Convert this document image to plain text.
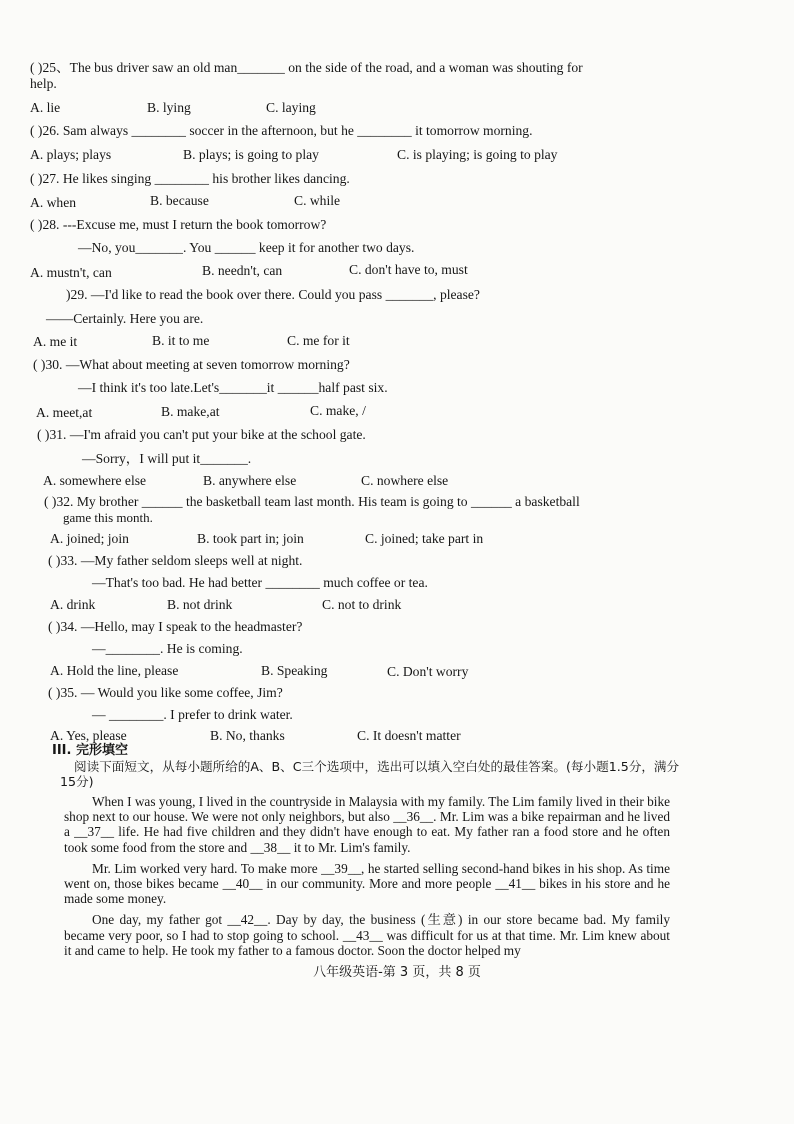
( )25、The bus driver saw an old man_______ on the side of the road, and a woman was shouting for
help.
A. lie	B. lying	C. laying
( )26. Sam always ________ soccer in the afternoon, but he ________ it tomorrow morning.
A. plays; plays	B. plays; is going to play	C. is playing; is going to play
( )27. He likes singing ________ his brother likes dancing.
A. when	B. because	C. while
( )28. ---Excuse me, must I return the book tomorrow?
—No, you_______. You ______ keep it for another two days.
A. mustn't, can	B. needn't, can	C. don't have to, must
)29. —I'd like to read the book over there. Could you pass _______, please?
——Certainly. Here you are.
A. me it	B. it to me	C. me for it
( )30. —What about meeting at seven tomorrow morning?
—I think it's too late.Let's_______it ______half past six.
A. meet,at	B. make,at	C. make, /
( )31. —I'm afraid you can't put your bike at the school gate.
—Sorry，I will put it_______.
A. somewhere else	B. anywhere else	C. nowhere else
( )32. My brother ______ the basketball team last month. His team is going to ______ a basketball
game this month.
A. joined; join	B. took part in; join	C. joined; take part in
( )33. —My father seldom sleeps well at night.
—That's too bad. He had better ________ much coffee or tea.
A. drink	B. not drink	C. not to drink
( )34. —Hello, may I speak to the headmaster?
—________. He is coming.
A. Hold the line, please	B. Speaking	C. Don't worry
( )35. — Would you like some coffee, Jim?
— ________. I prefer to drink water.
A. Yes, please	B. No, thanks	C. It doesn't matter
III. 完形填空
阅读下面短文，从每小题所给的A、B、C三个选项中，选出可以填入空白处的最佳答案。(每小题1.5分，满分15分)

When I was young, I lived in the countryside in Malaysia with my family. The Lim family lived in their bike shop next to our house. We were not only neighbors, but also __36__. Mr. Lim was a bike repairman and he lived a __37__ life. He had five children and they didn't have enough to eat. My father ran a food store and he often took some food from the store and __38__ it to Mr. Lim's family.

Mr. Lim worked very hard. To make more __39__, he started selling second-hand bikes in his shop. As time went on, those bikes became __40__ in our community. More and more people __41__ bikes in his store and he made some money.

One day, my father got __42__. Day by day, the business (生意) in our store became bad. My family became very poor, so I had to stop going to school. __43__ was difficult for us at that time. Mr. Lim knew about it and came to help. He took my father to a famous doctor. Soon the doctor helped my

八年级英语-第 3 页，共 8 页
